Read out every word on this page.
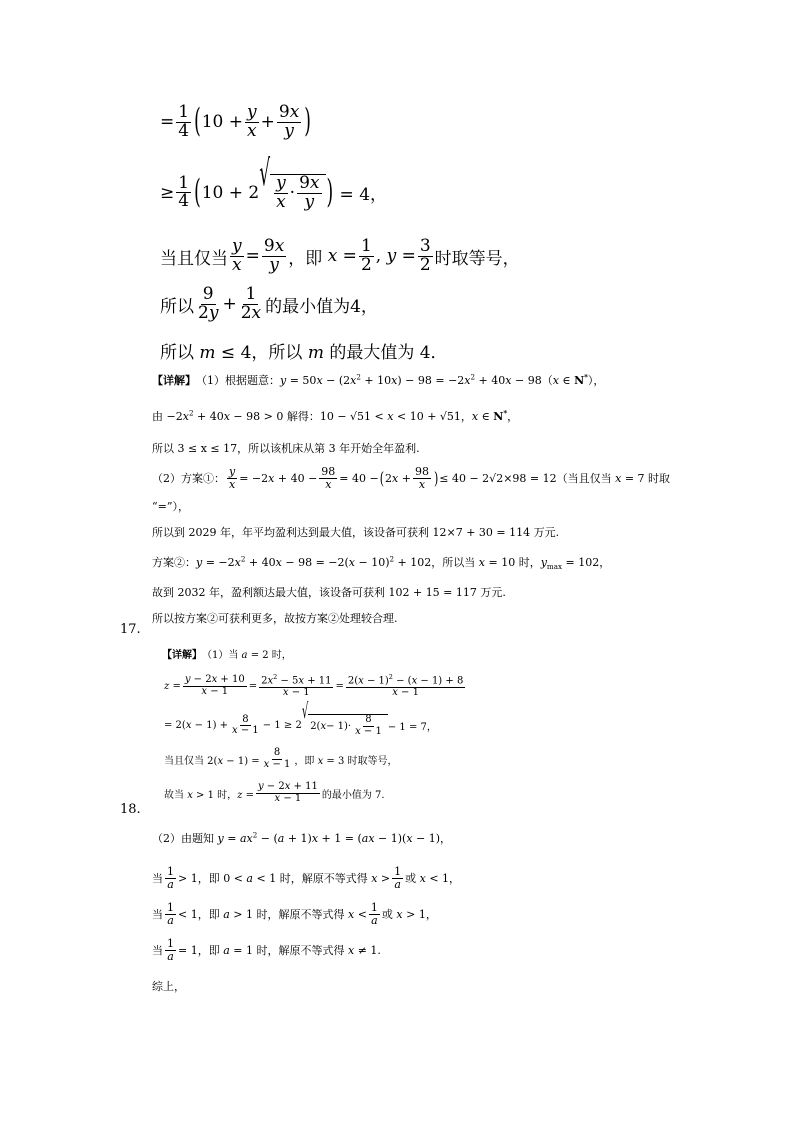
= $\frac{1}{4}$ ( $10 + \frac{y}{x} + \frac{9x}{y}$ )
≥ $\frac{1}{4}$ ( 10 + 2 √ $\frac{y}{x} \cdot \frac{9x}{y}$ ) = 4，
当且仅当 $\frac{y}{x} = \frac{9x}{y}$ ，即 $x = \frac{1}{2}$ , $y = \frac{3}{2}$ 时取等号，
所以 $\frac{9}{2y} + \frac{1}{2x}$ 的最小值为4，
所以 m ≤ 4，所以 m 的最大值为 4．
【详解】 （1）根据题意：$y = 50x - (2x^2 + 10x) - 98 = -2x^2 + 40x - 98(x$ ∈ N*），
由 $-2x^2 + 40x - 98 > 0$ 解得：10 − √51 < x < 10 + √51，x ∈ N*，
所以 3 ≤ x ≤ 17，所以该机床从第 3 年开始全年盈利.
（2）方案①： $\frac{y}{x} = -2x + 40 - \frac{98}{x} = 40$ − ( $2x + \frac{98}{x}$ ) ≤ 40 − 2√2×98 = 12（当且仅当 x = 7 时取
“=”），
所以到 2029 年，年平均盈利达到最大值，该设备可获利 12×7 + 30 = 114 万元.
方案②：$y = -2x^2 + 40x - 98 = -2(x - 10)^2 + 102$，所以当 x = 10 时，$y_{max} = 102$，
故到 2032 年，盈利额达最大值，该设备可获利 102 + 15 = 117 万元.
所以按方案②可获利更多，故按方案②处理较合理.
17.
【详解】 （1）当 a = 2 时，
$z = \frac{y - 2x + 10}{x - 1} = \frac{2x^2 - 5x + 11}{x - 1} = \frac{2(x - 1)^2 - (x - 1) + 8}{x - 1}$
= $2(x - 1) + \frac{8}{x - 1} - 1 \ge 2$
√
2( $x - 1)\cdot \frac{8}{x - 1} - 1 = 7$，
当且仅当 $2(x - 1) = \frac{8}{x - 1}$ ，即 x = 3 时取等号，
故当 x > 1 时，$z = \frac{y - 2x + 11}{x - 1}$ 的最小值为 7.
18.
（2）由题知 $y = ax^2 - (a + 1)x + 1 = (ax - 1)(x - 1)$，
当 $\frac{1}{a} > 1$，即 0 < a < 1 时，解原不等式得 $x > \frac{1}{a}$ 或 x < 1，
当 $\frac{1}{a} < 1$，即 a > 1 时，解原不等式得 $x < \frac{1}{a}$ 或 x > 1，
当 $\frac{1}{a} = 1$，即 a = 1 时，解原不等式得 x ≠ 1.
综上，
